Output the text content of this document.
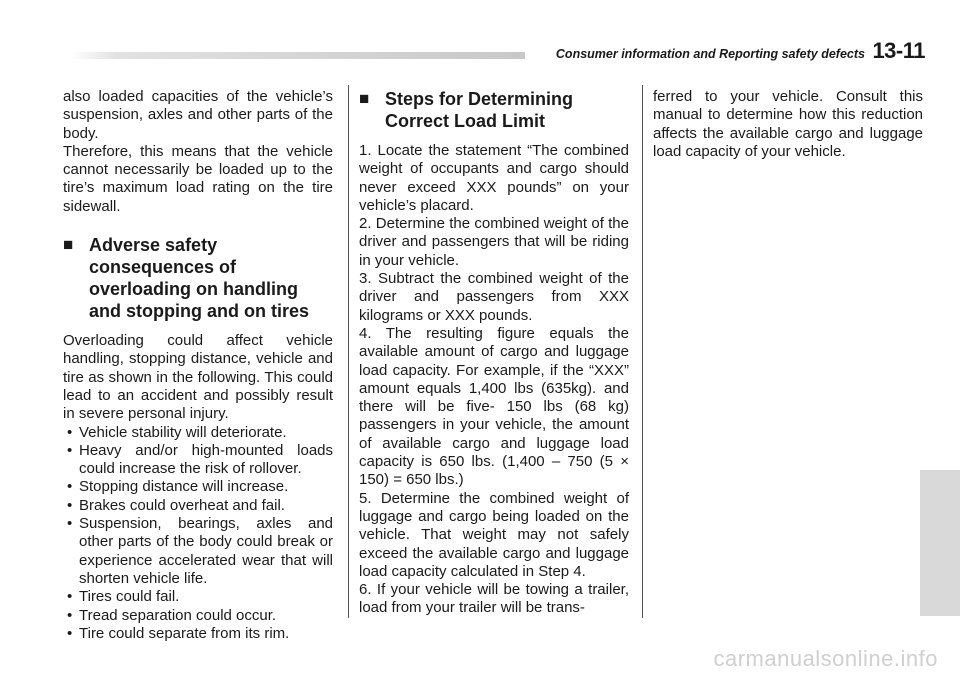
Consumer information and Reporting safety defects 13-11

also loaded capacities of the vehicle’s suspension, axles and other parts of the body.

Therefore, this means that the vehicle cannot necessarily be loaded up to the tire’s maximum load rating on the tire sidewall.

■ Adverse safety consequences of overloading on handling and stopping and on tires

Overloading could affect vehicle handling, stopping distance, vehicle and tire as shown in the following. This could lead to an accident and possibly result in severe personal injury.

• Vehicle stability will deteriorate.
• Heavy and/or high-mounted loads could increase the risk of rollover.
• Stopping distance will increase.
• Brakes could overheat and fail.
• Suspension, bearings, axles and other parts of the body could break or experience accelerated wear that will shorten vehicle life.
• Tires could fail.
• Tread separation could occur.
• Tire could separate from its rim.
■ Steps for Determining Correct Load Limit

1. Locate the statement “The combined weight of occupants and cargo should never exceed XXX pounds” on your vehicle’s placard.

2. Determine the combined weight of the driver and passengers that will be riding in your vehicle.

3. Subtract the combined weight of the driver and passengers from XXX kilograms or XXX pounds.

4. The resulting figure equals the available amount of cargo and luggage load capacity. For example, if the “XXX” amount equals 1,400 lbs (635kg). and there will be five- 150 lbs (68 kg) passengers in your vehicle, the amount of available cargo and luggage load capacity is 650 lbs. (1,400 – 750 (5 × 150) = 650 lbs.)

5. Determine the combined weight of luggage and cargo being loaded on the vehicle. That weight may not safely exceed the available cargo and luggage load capacity calculated in Step 4.

6. If your vehicle will be towing a trailer, load from your trailer will be trans-

ferred to your vehicle. Consult this manual to determine how this reduction affects the available cargo and luggage load capacity of your vehicle.

carmanualsonline.info
